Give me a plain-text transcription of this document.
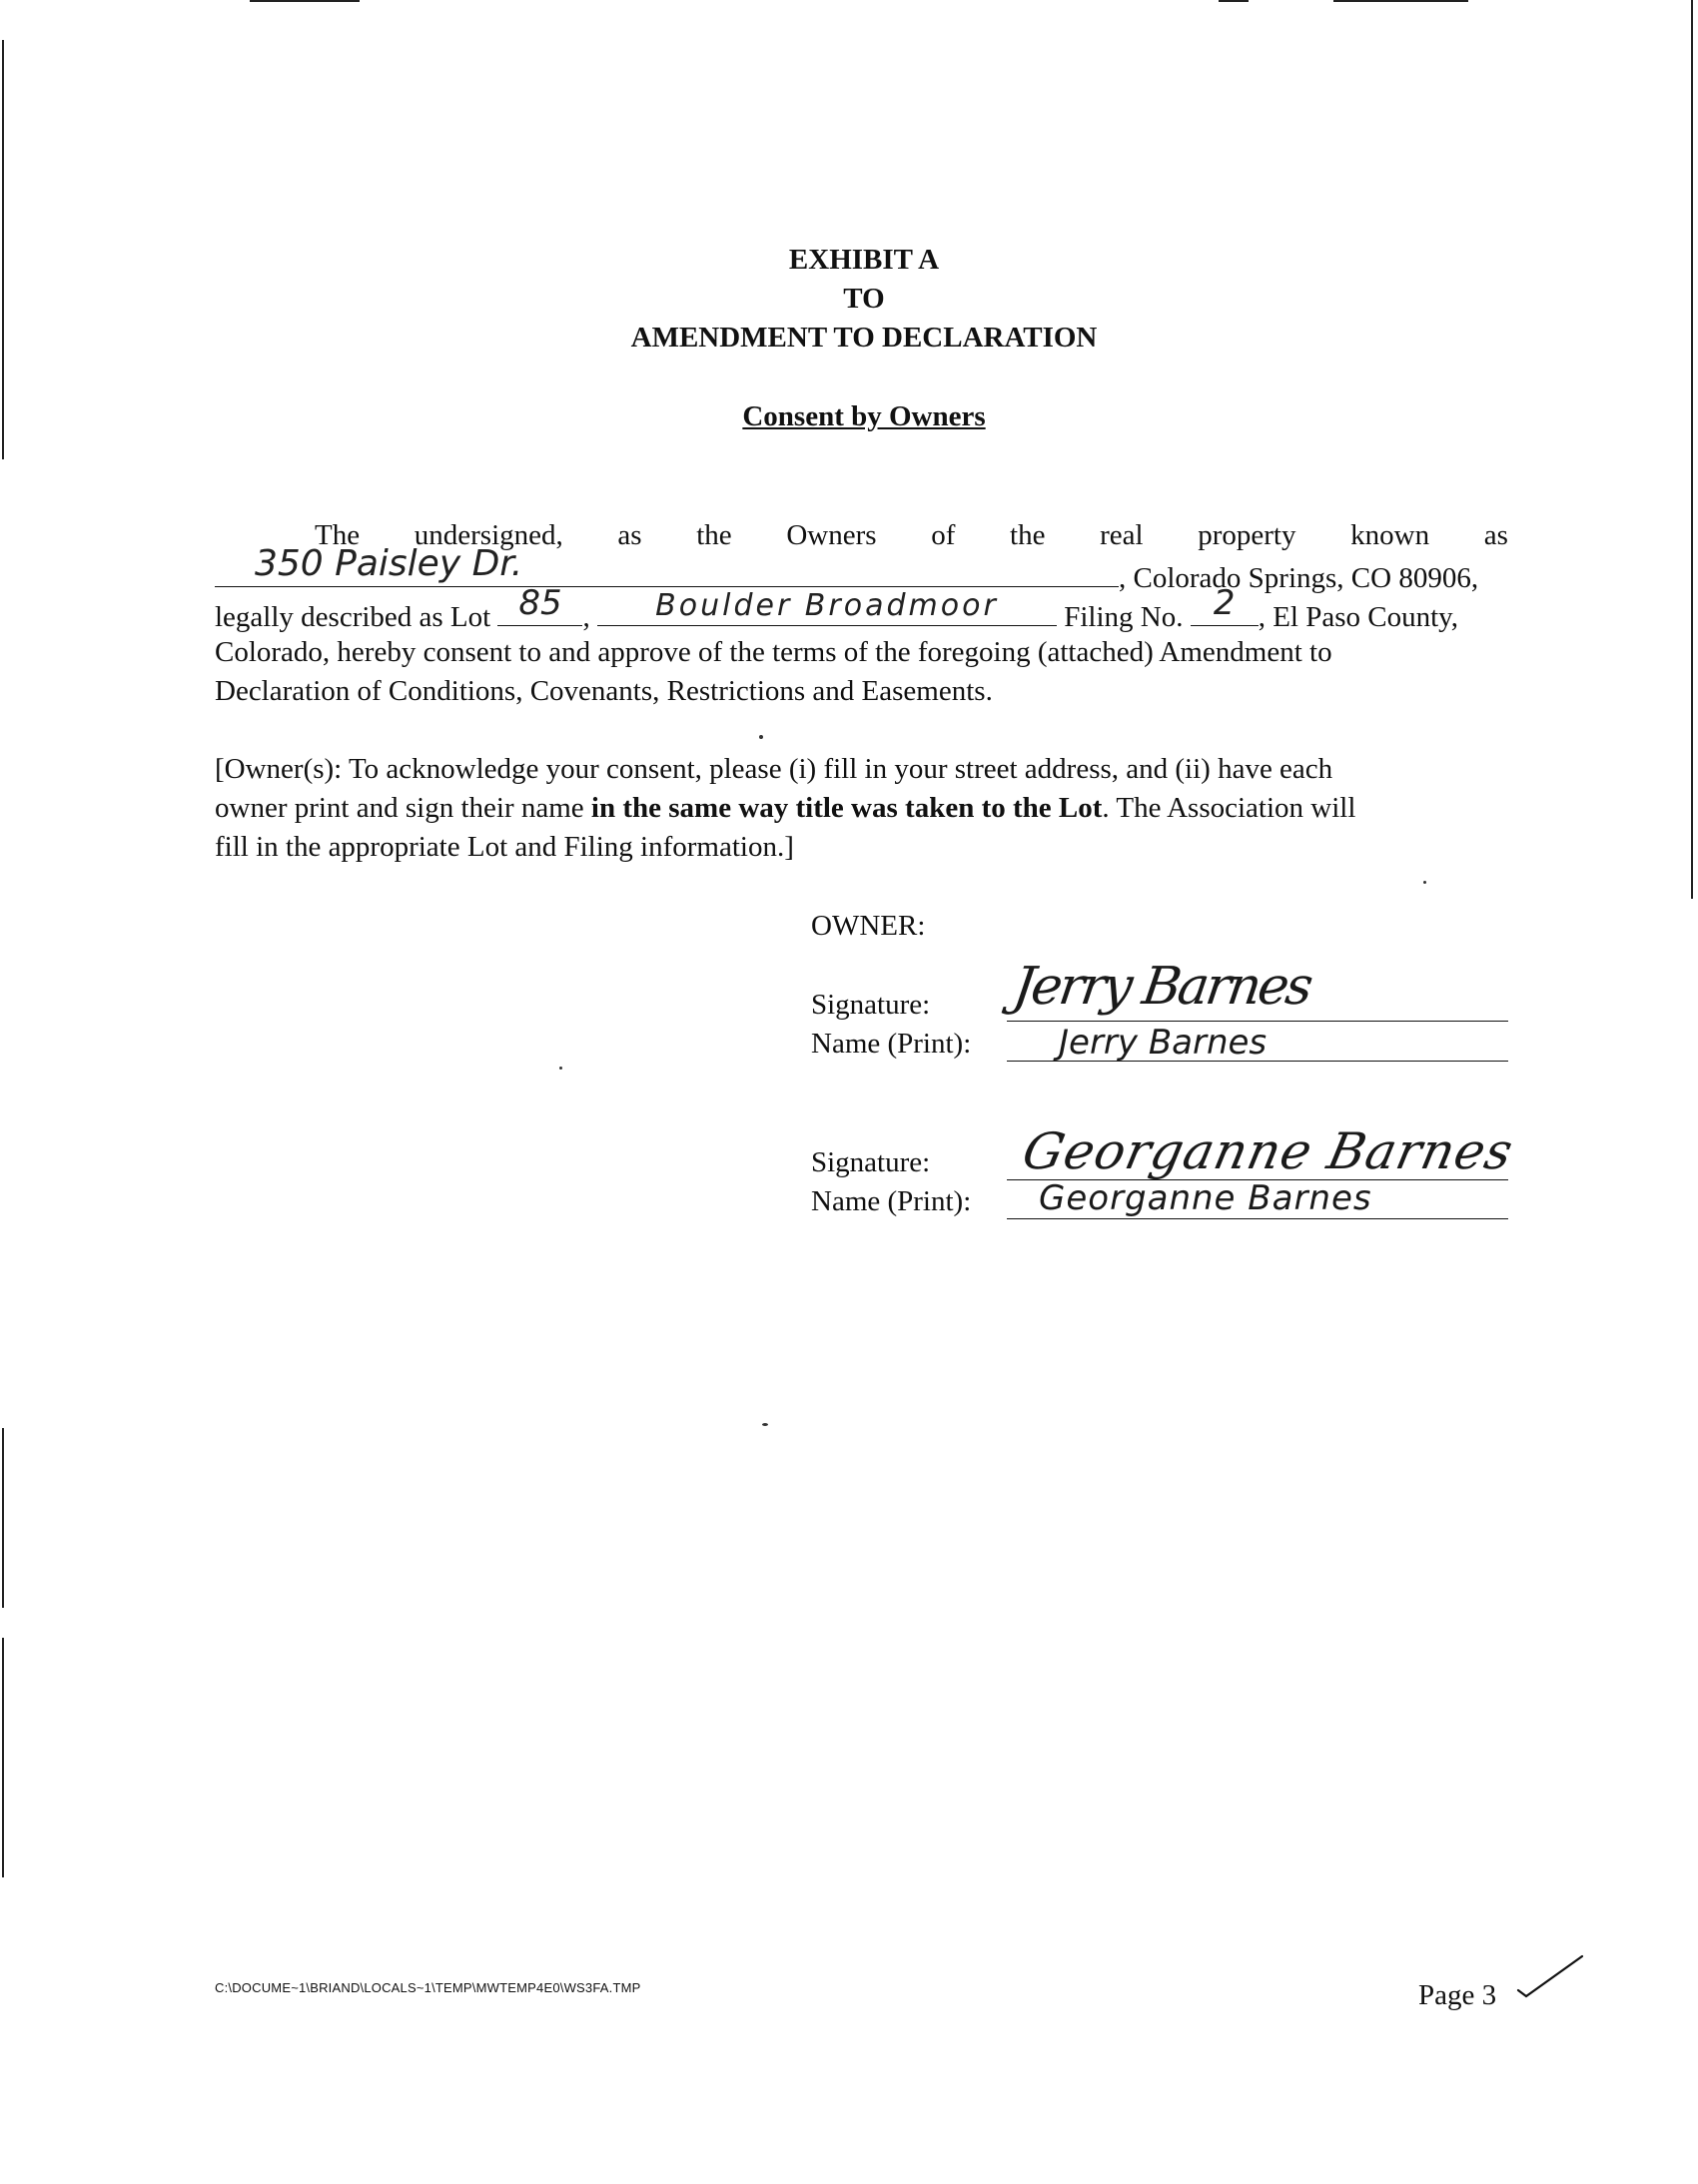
EXHIBIT A
TO
AMENDMENT TO DECLARATION
Consent by Owners
The undersigned, as the Owners of the real property known as
350 Paisley Dr.	, Colorado Springs, CO 80906,
legally described as Lot 85 ,	Boulder Broadmoor	Filing No. 2 , El Paso County,
Colorado, hereby consent to and approve of the terms of the foregoing (attached) Amendment to
Declaration of Conditions, Covenants, Restrictions and Easements.
[Owner(s): To acknowledge your consent, please (i) fill in your street address, and (ii) have each
owner print and sign their name in the same way title was taken to the Lot. The Association will
fill in the appropriate Lot and Filing information.]
OWNER:
Signature: Jerry Barnes
Name (Print):	Jerry Barnes
Signature: Georganne Barnes
Name (Print): Georganne Barnes
C:\DOCUME~1\BRIAND\LOCALS~1\TEMP\MWTEMP4E0\WS3FA.TMP	Page 3
